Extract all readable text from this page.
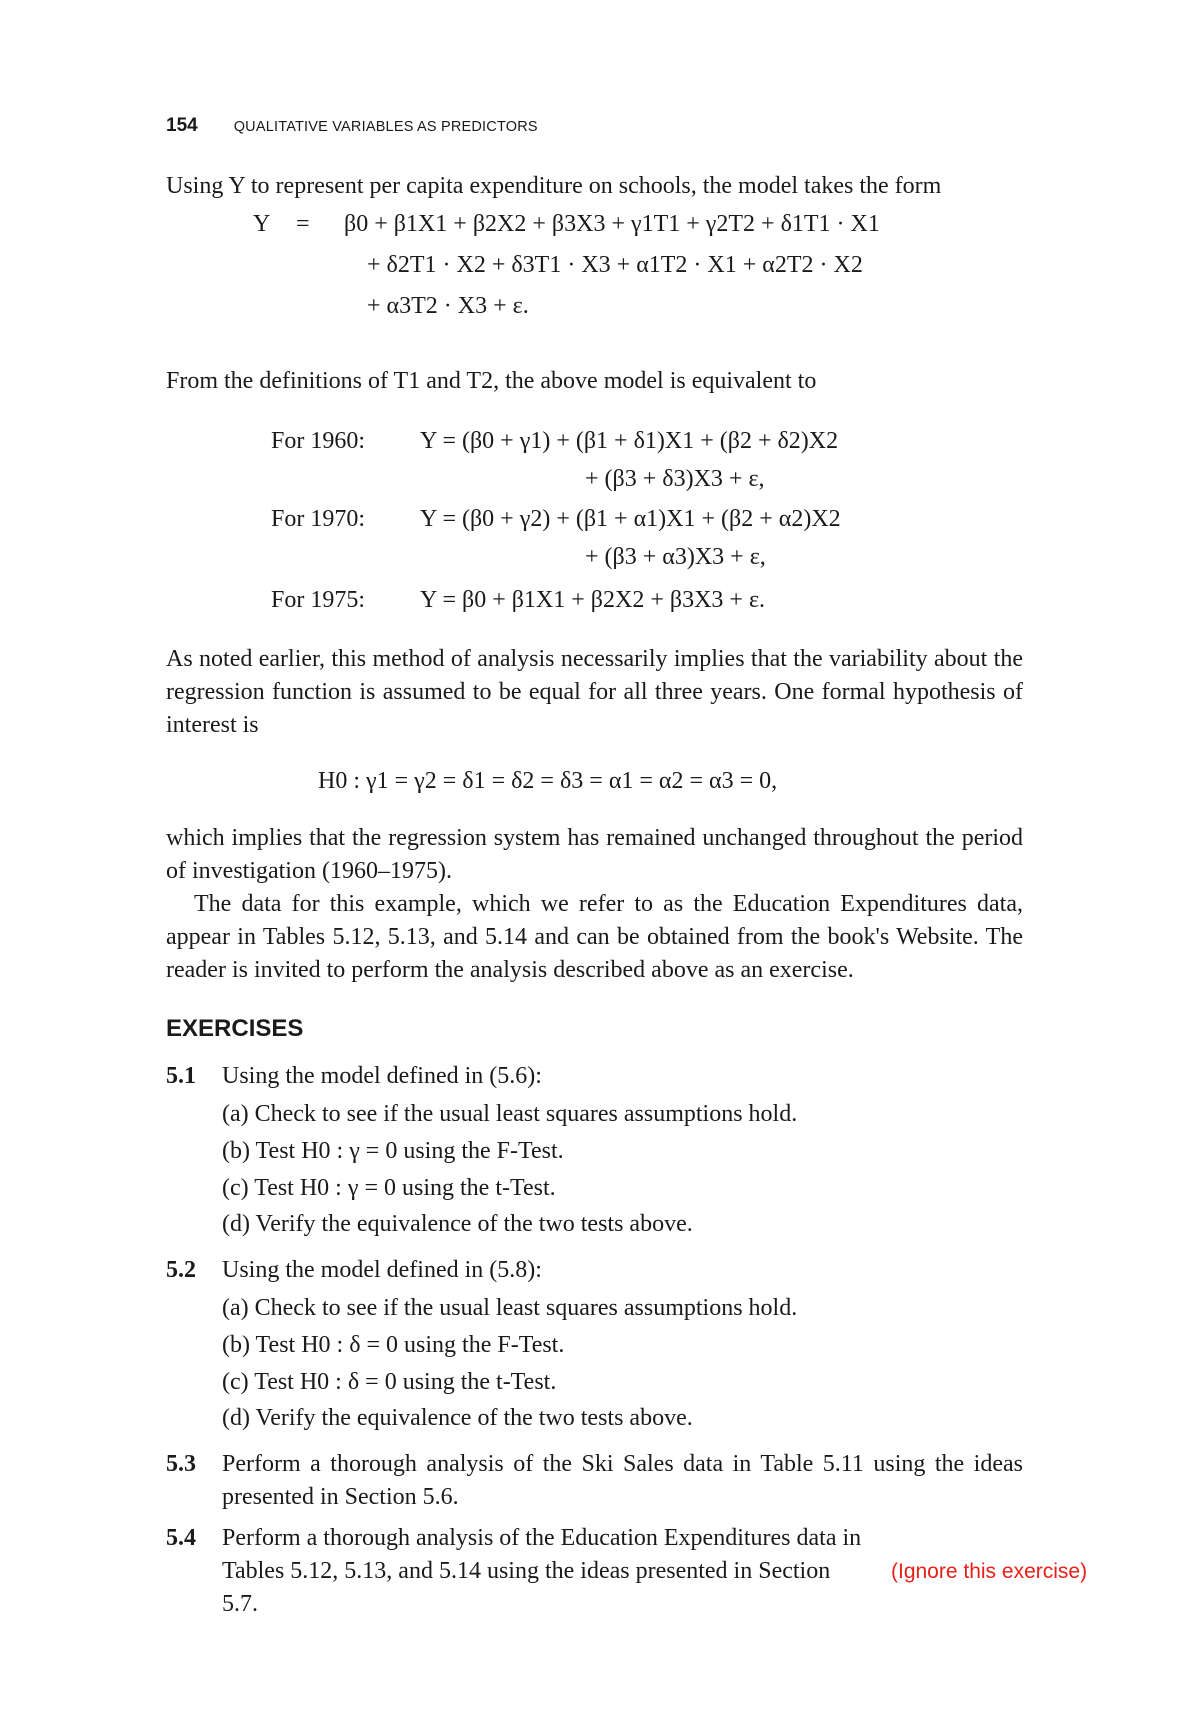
154 QUALITATIVE VARIABLES AS PREDICTORS

Using Y to represent per capita expenditure on schools, the model takes the form

Y = β0 + β1X1 + β2X2 + β3X3 + γ1T1 + γ2T2 + δ1T1 · X1
+ δ2T1 · X2 + δ3T1 · X3 + α1T2 · X1 + α2T2 · X2
+ α3T2 · X3 + ε.

From the definitions of T1 and T2, the above model is equivalent to

For 1960: Y = (β0 + γ1) + (β1 + δ1)X1 + (β2 + δ2)X2
+ (β3 + δ3)X3 + ε,
For 1970: Y = (β0 + γ2) + (β1 + α1)X1 + (β2 + α2)X2
+ (β3 + α3)X3 + ε,
For 1975: Y = β0 + β1X1 + β2X2 + β3X3 + ε.

As noted earlier, this method of analysis necessarily implies that the variability about the regression function is assumed to be equal for all three years. One formal hypothesis of interest is

H0 : γ1 = γ2 = δ1 = δ2 = δ3 = α1 = α2 = α3 = 0,

which implies that the regression system has remained unchanged throughout the period of investigation (1960–1975).

The data for this example, which we refer to as the Education Expenditures data, appear in Tables 5.12, 5.13, and 5.14 and can be obtained from the book's Website. The reader is invited to perform the analysis described above as an exercise.

EXERCISES
5.1 Using the model defined in (5.6):

(a) Check to see if the usual least squares assumptions hold.
(b) Test H0 : γ = 0 using the F-Test.
(c) Test H0 : γ = 0 using the t-Test.
(d) Verify the equivalence of the two tests above.
5.2 Using the model defined in (5.8):

(a) Check to see if the usual least squares assumptions hold.
(b) Test H0 : δ = 0 using the F-Test.
(c) Test H0 : δ = 0 using the t-Test.
(d) Verify the equivalence of the two tests above.
5.3 Perform a thorough analysis of the Ski Sales data in Table 5.11 using the ideas presented in Section 5.6.

5.4 Perform a thorough analysis of the Education Expenditures data in Tables 5.12, 5.13, and 5.14 using the ideas presented in Section 5.7.

(Ignore this exercise)
